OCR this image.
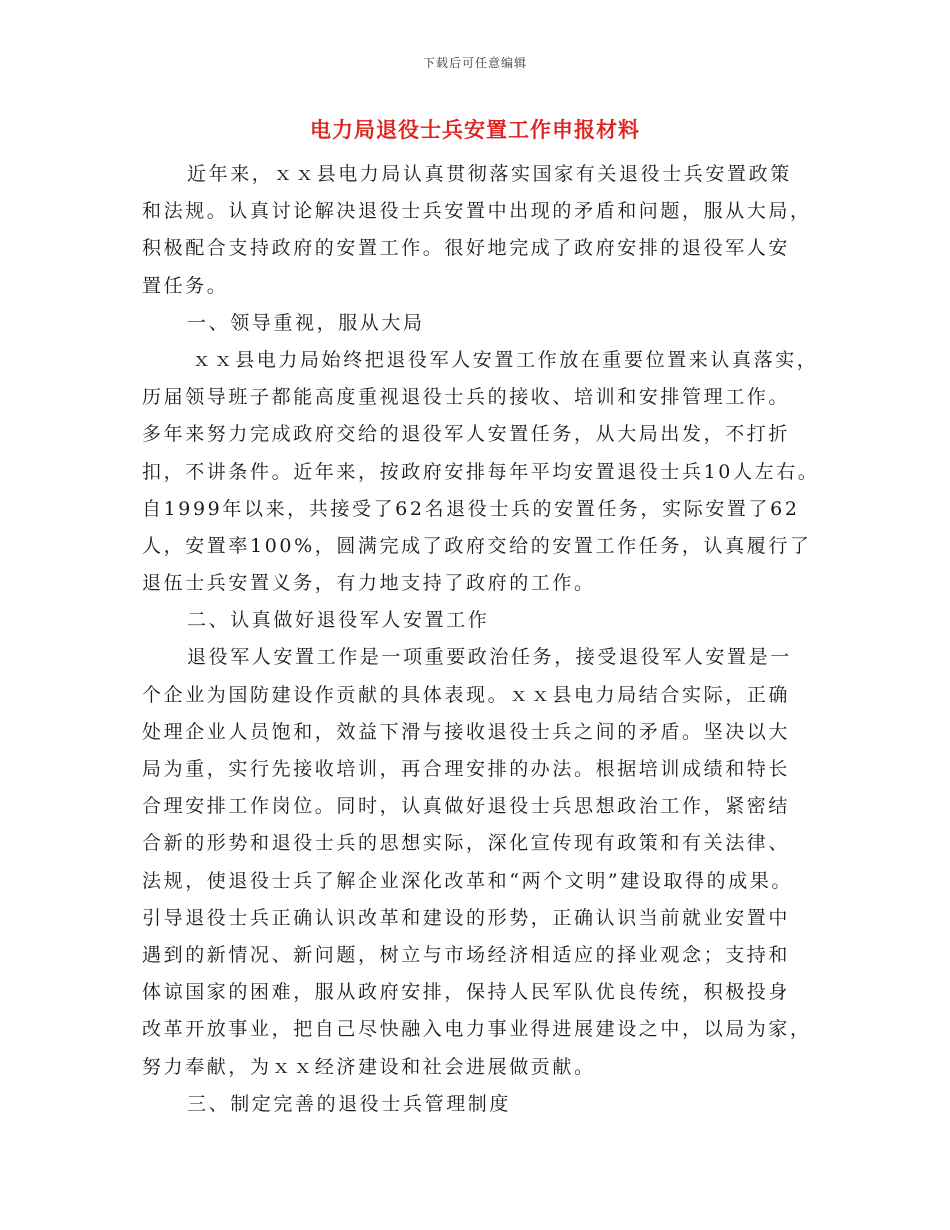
下载后可任意编辑
电力局退役士兵安置工作申报材料
近年来，ｘｘ县电力局认真贯彻落实国家有关退役士兵安置政策
和法规。认真讨论解决退役士兵安置中出现的矛盾和问题，服从大局，
积极配合支持政府的安置工作。很好地完成了政府安排的退役军人安
置任务。
一、领导重视，服从大局
ｘｘ县电力局始终把退役军人安置工作放在重要位置来认真落实，
历届领导班子都能高度重视退役士兵的接收、培训和安排管理工作。
多年来努力完成政府交给的退役军人安置任务，从大局出发，不打折
扣，不讲条件。近年来，按政府安排每年平均安置退役士兵10人左右。
自1999年以来，共接受了62名退役士兵的安置任务，实际安置了62
人，安置率100%，圆满完成了政府交给的安置工作任务，认真履行了
退伍士兵安置义务，有力地支持了政府的工作。
二、认真做好退役军人安置工作
退役军人安置工作是一项重要政治任务，接受退役军人安置是一
个企业为国防建设作贡献的具体表现。ｘｘ县电力局结合实际，正确
处理企业人员饱和，效益下滑与接收退役士兵之间的矛盾。坚决以大
局为重，实行先接收培训，再合理安排的办法。根据培训成绩和特长
合理安排工作岗位。同时，认真做好退役士兵思想政治工作，紧密结
合新的形势和退役士兵的思想实际，深化宣传现有政策和有关法律、
法规，使退役士兵了解企业深化改革和“两个文明”建设取得的成果。
引导退役士兵正确认识改革和建设的形势，正确认识当前就业安置中
遇到的新情况、新问题，树立与市场经济相适应的择业观念；支持和
体谅国家的困难，服从政府安排，保持人民军队优良传统，积极投身
改革开放事业，把自己尽快融入电力事业得进展建设之中，以局为家，
努力奉献，为ｘｘ经济建设和社会进展做贡献。
三、制定完善的退役士兵管理制度
